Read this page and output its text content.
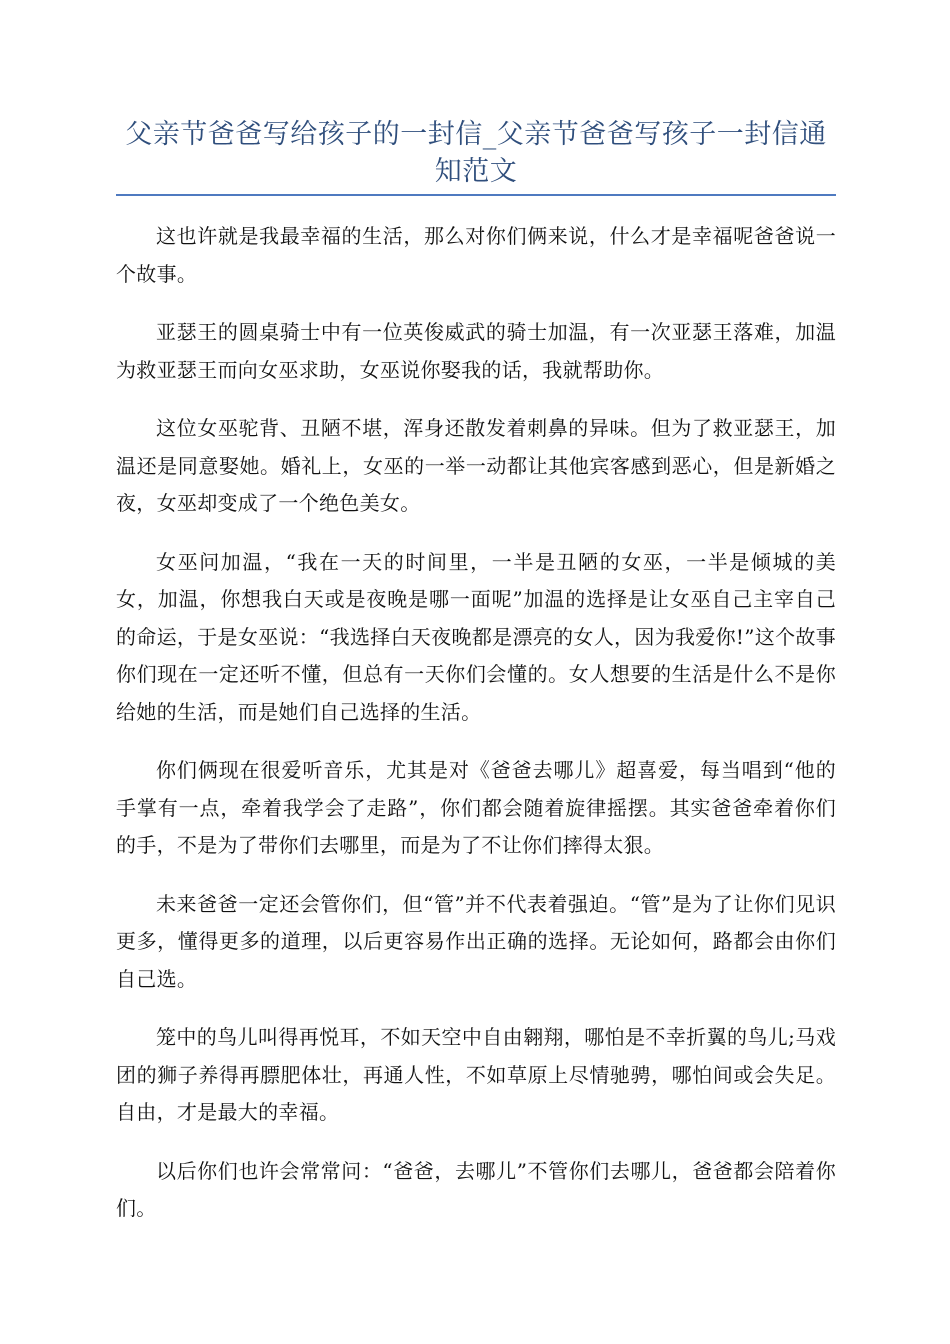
父亲节爸爸写给孩子的一封信_父亲节爸爸写孩子一封信通知范文

这也许就是我最幸福的生活，那么对你们俩来说，什么才是幸福呢爸爸说一个故事。

亚瑟王的圆桌骑士中有一位英俊威武的骑士加温，有一次亚瑟王落难，加温为救亚瑟王而向女巫求助，女巫说你娶我的话，我就帮助你。

这位女巫驼背、丑陋不堪，浑身还散发着刺鼻的异味。但为了救亚瑟王，加温还是同意娶她。婚礼上，女巫的一举一动都让其他宾客感到恶心，但是新婚之夜，女巫却变成了一个绝色美女。

女巫问加温，“我在一天的时间里，一半是丑陋的女巫，一半是倾城的美女，加温，你想我白天或是夜晚是哪一面呢”加温的选择是让女巫自己主宰自己的命运，于是女巫说：“我选择白天夜晚都是漂亮的女人，因为我爱你!”这个故事你们现在一定还听不懂，但总有一天你们会懂的。女人想要的生活是什么不是你给她的生活，而是她们自己选择的生活。

你们俩现在很爱听音乐，尤其是对《爸爸去哪儿》超喜爱，每当唱到“他的手掌有一点，牵着我学会了走路”，你们都会随着旋律摇摆。其实爸爸牵着你们的手，不是为了带你们去哪里，而是为了不让你们摔得太狠。

未来爸爸一定还会管你们，但“管”并不代表着强迫。“管”是为了让你们见识更多，懂得更多的道理，以后更容易作出正确的选择。无论如何，路都会由你们自己选。

笼中的鸟儿叫得再悦耳，不如天空中自由翱翔，哪怕是不幸折翼的鸟儿;马戏团的狮子养得再膘肥体壮，再通人性，不如草原上尽情驰骋，哪怕间或会失足。自由，才是最大的幸福。

以后你们也许会常常问：“爸爸，去哪儿”不管你们去哪儿，爸爸都会陪着你们。
